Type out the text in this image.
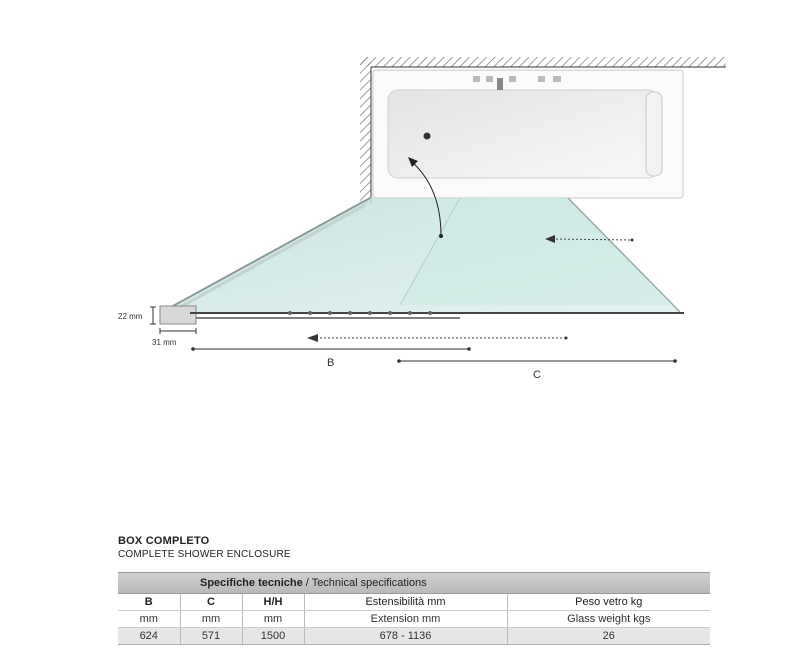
B
C
22 mm
31 mm
BOX COMPLETO
COMPLETE SHOWER ENCLOSURE
Specifiche tecniche / Technical specifications
B	C	H/H	Estensibilità mm	Peso vetro kg
mm	mm	mm	Extension mm	Glass weight kgs
624	571	1500	678 - 1136	26
